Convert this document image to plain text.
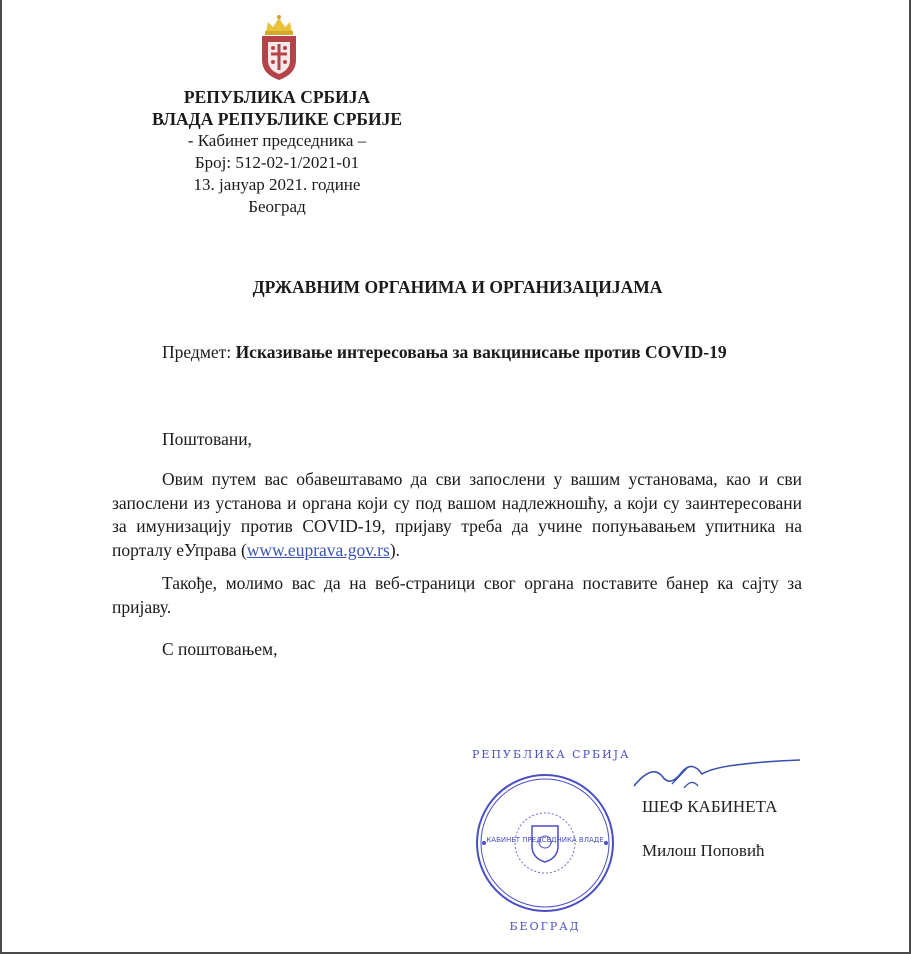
РЕПУБЛИКА СРБИЈА
ВЛАДА РЕПУБЛИКЕ СРБИЈЕ
- Кабинет председника –
Број: 512-02-1/2021-01
13. јануар 2021. године
Београд
ДРЖАВНИМ ОРГАНИМА И ОРГАНИЗАЦИЈАМА
Предмет: Исказивање интересовања за вакцинисање против COVID-19
Поштовани,
Овим путем вас обавештавамо да сви запослени у вашим установама, као и сви запослени из установа и органа који су под вашом надлежношћу, а који су заинтересовани за имунизацију против COVID-19, пријаву треба да учине попуњавањем упитника на порталу еУправа (www.euprava.gov.rs).
Такође, молимо вас да на веб-страници свог органа поставите банер ка сајту за пријаву.
С поштовањем,
РЕПУБЛИКА СРБИЈА
КАБИНЕТ ПРЕДСЕДНИКА ВЛАДЕ
БЕОГРАД
ШЕФ КАБИНЕТА
Милош Поповић
